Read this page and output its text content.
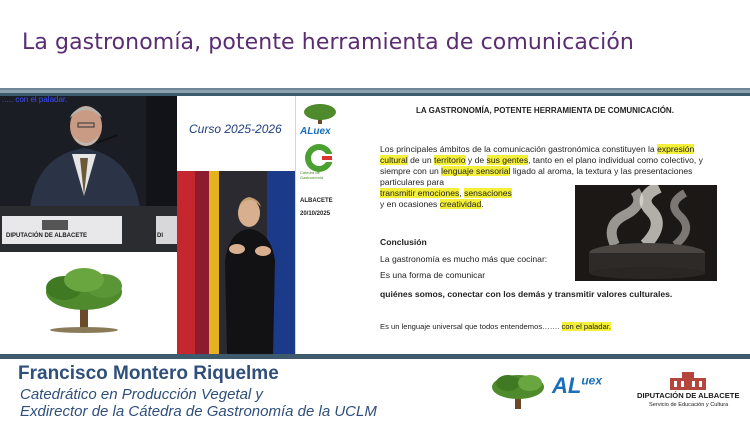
La gastronomía, potente herramienta de comunicación
..... con el paladar.
DIPUTACIÓN DE ALBACETE	DI
Curso 2025-2026 ALuex
Cátedra de Gastronomía
ALBACETE
20/10/2025
LA GASTRONOMÍA, POTENTE HERRAMIENTA DE COMUNICACIÓN.
Los principales ámbitos de la comunicación gastronómica constituyen la expresión cultural de un territorio y de sus gentes, tanto en el plano individual como colectivo, y siempre con un lenguaje sensorial ligado al aroma, la textura y las presentaciones particulares para
transmitir emociones, sensaciones
y en ocasiones creatividad.
Conclusión
La gastronomía es mucho más que cocinar:
Es una forma de comunicar
quiénes somos, conectar con los demás y transmitir valores culturales.
Es un lenguaje universal que todos entendemos……. con el paladar.
Francisco Montero Riquelme
Catedrático en Producción Vegetal y
Exdirector de la Cátedra de Gastronomía de la UCLM
$AL^{uex}$
DIPUTACIÓN DE ALBACETE
Servicio de Educación y Cultura
